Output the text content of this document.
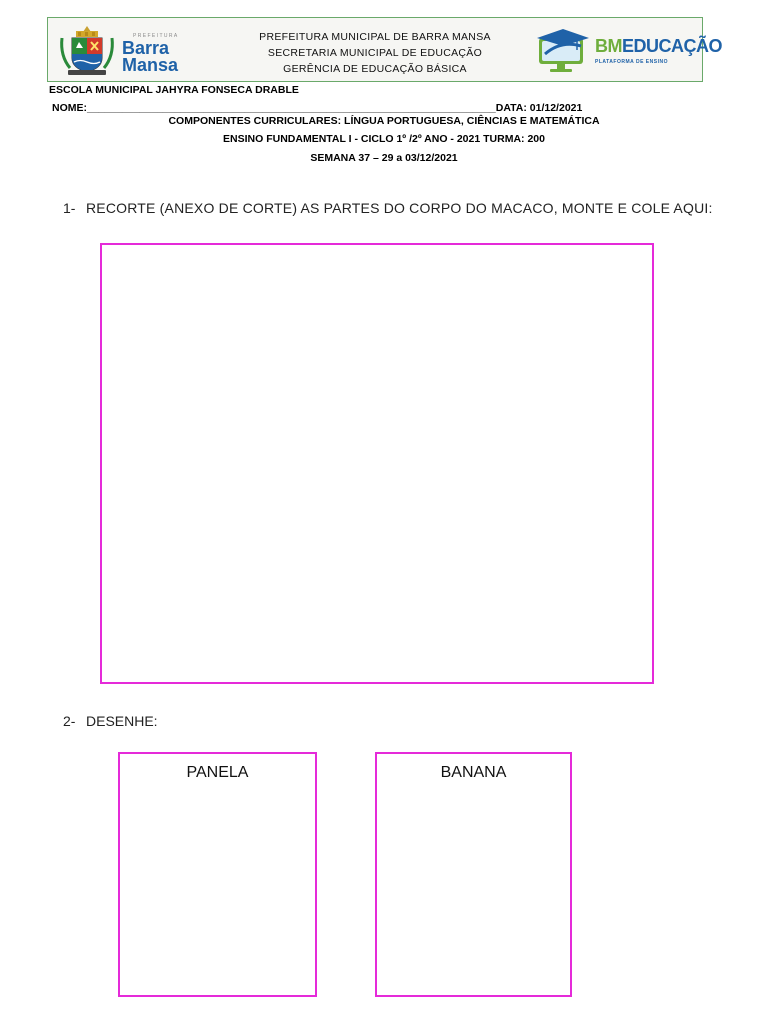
PREFEITURA
Barra
Mansa
PREFEITURA MUNICIPAL DE BARRA MANSA
SECRETARIA MUNICIPAL DE EDUCAÇÃO
GERÊNCIA DE EDUCAÇÃO BÁSICA
BMEDUCAÇÃO
PLATAFORMA DE ENSINO
ESCOLA MUNICIPAL JAHYRA FONSECA DRABLE
NOME:______________________________________________________________________DATA: 01/12/2021
COMPONENTES CURRICULARES: LÍNGUA PORTUGUESA, CIÊNCIAS E MATEMÁTICA
ENSINO FUNDAMENTAL I - CICLO 1º /2º ANO - 2021 TURMA: 200
SEMANA 37 – 29 a 03/12/2021
1- RECORTE (ANEXO DE CORTE) AS PARTES DO CORPO DO MACACO, MONTE E COLE AQUI:
2- DESENHE:
PANELA	BANANA
